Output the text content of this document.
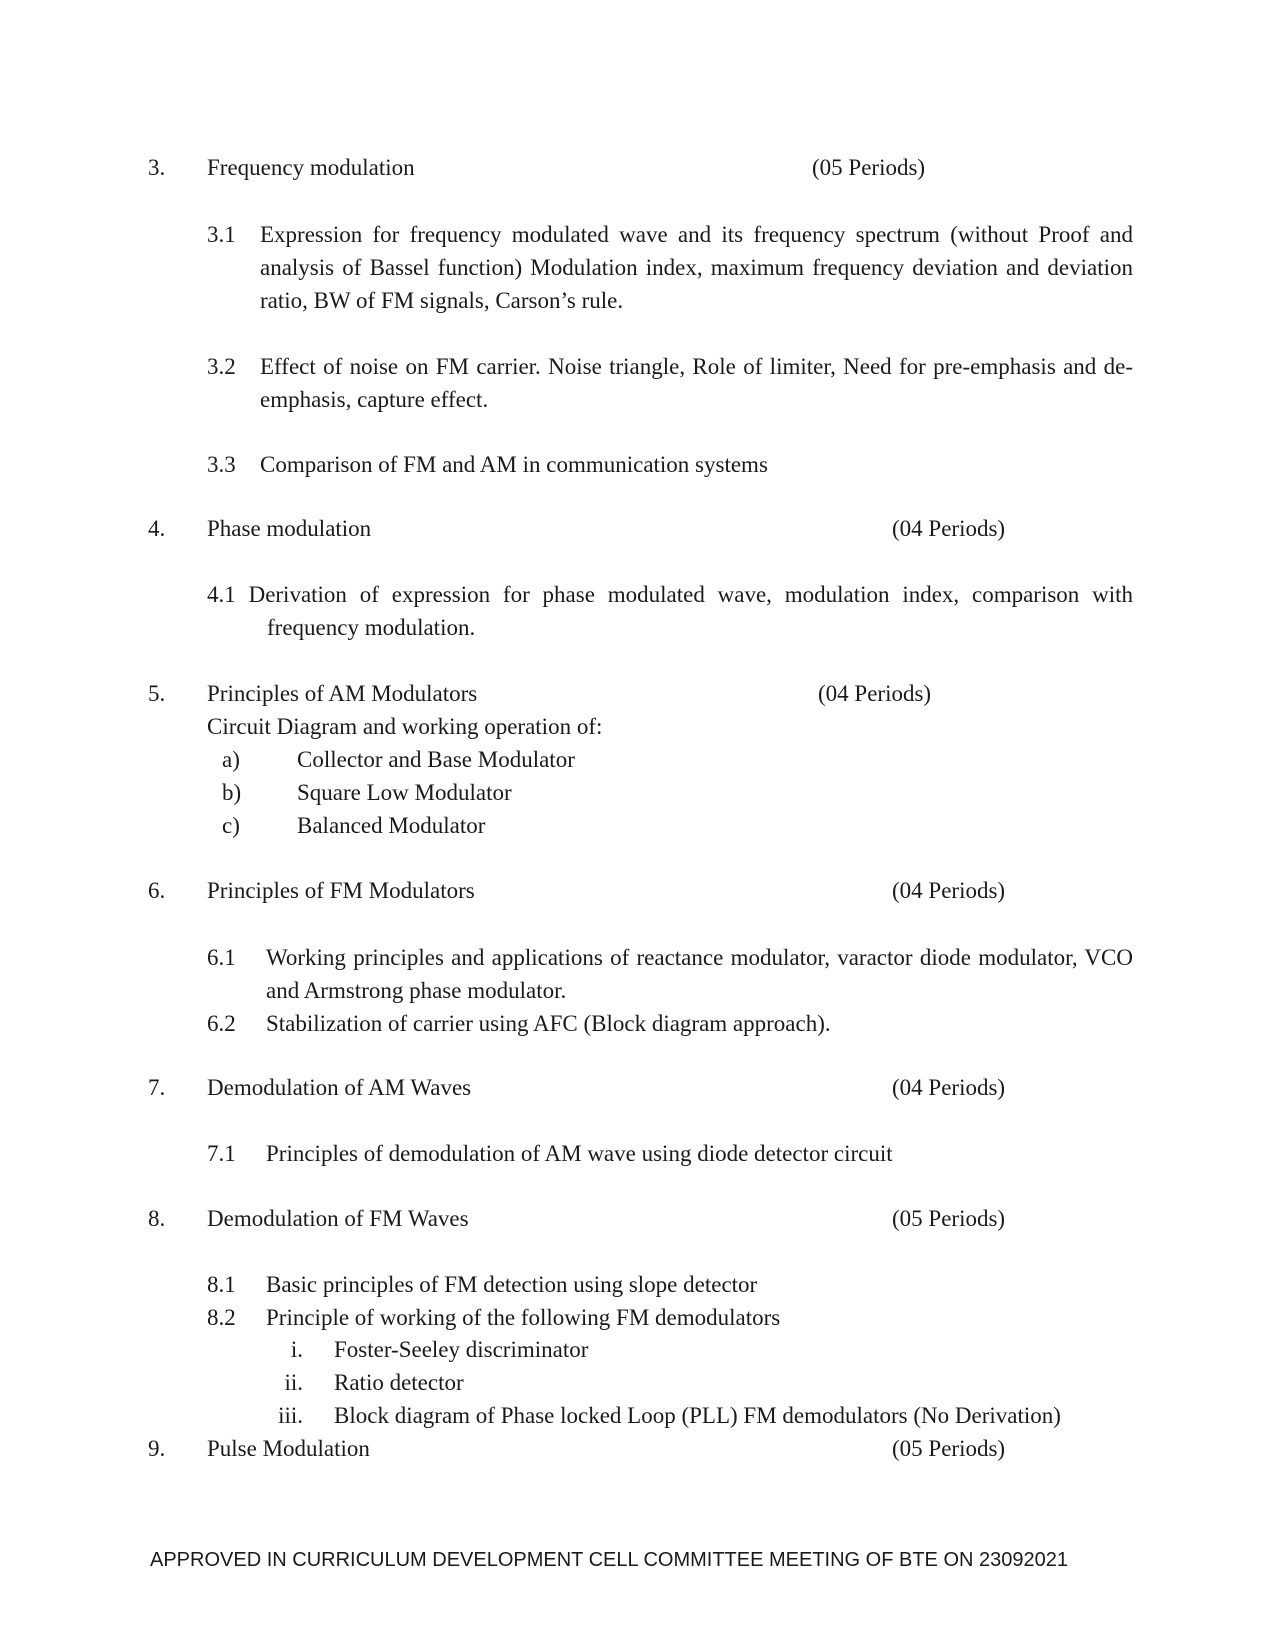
3. Frequency modulation	(05 Periods)
3.1	Expression for frequency modulated wave and its frequency spectrum (without Proof and analysis of Bassel function) Modulation index, maximum frequency deviation and deviation ratio, BW of FM signals, Carson’s rule.
3.2	Effect of noise on FM carrier. Noise triangle, Role of limiter, Need for pre-emphasis and de-emphasis, capture effect.
3.3	Comparison of FM and AM in communication systems
4. Phase modulation	(04 Periods)
4.1 Derivation of expression for phase modulated wave, modulation index, comparison with frequency modulation.
5. Principles of AM Modulators	(04 Periods)
Circuit Diagram and working operation of:
a) Collector and Base Modulator
b) Square Low Modulator
c) Balanced Modulator
6. Principles of FM Modulators	(04 Periods)
6.1	Working principles and applications of reactance modulator, varactor diode modulator, VCO and Armstrong phase modulator.
6.2	Stabilization of carrier using AFC (Block diagram approach).
7. Demodulation of AM Waves	(04 Periods)
7.1	Principles of demodulation of AM wave using diode detector circuit
8. Demodulation of FM Waves	(05 Periods)
8.1	Basic principles of FM detection using slope detector
8.2	Principle of working of the following FM demodulators
i. Foster-Seeley discriminator
ii. Ratio detector
iii. Block diagram of Phase locked Loop (PLL) FM demodulators (No Derivation)
9. Pulse Modulation	(05 Periods)
APPROVED IN CURRICULUM DEVELOPMENT CELL COMMITTEE MEETING OF BTE ON 23092021
